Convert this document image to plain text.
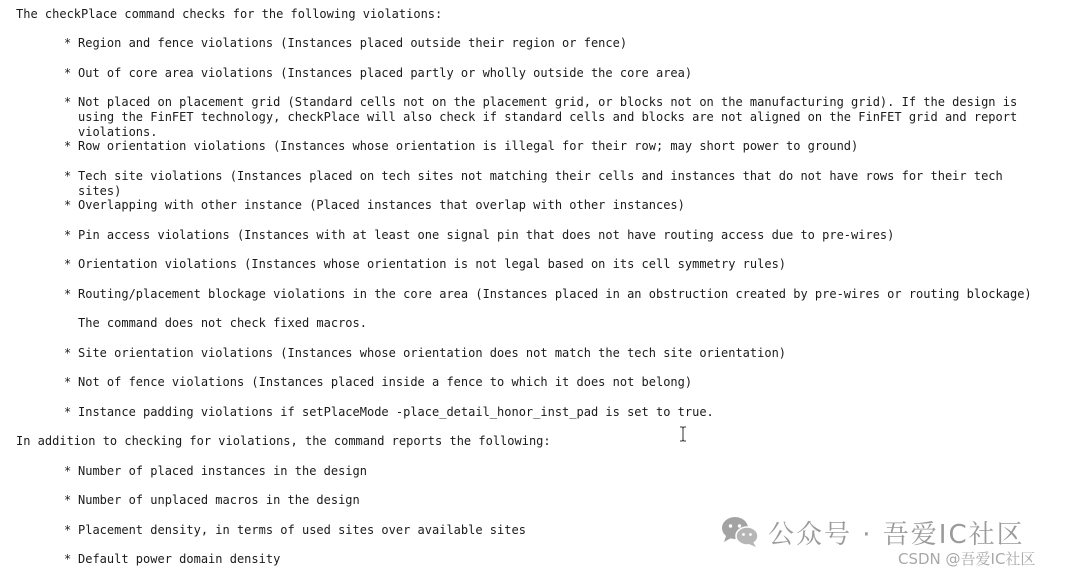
The checkPlace command checks for the following violations:
* Region and fence violations (Instances placed outside their region or fence)
* Out of core area violations (Instances placed partly or wholly outside the core area)
* Not placed on placement grid (Standard cells not on the placement grid, or blocks not on the manufacturing grid). If the design is using the FinFET technology, checkPlace will also check if standard cells and blocks are not aligned on the FinFET grid and report violations.
* Row orientation violations (Instances whose orientation is illegal for their row; may short power to ground)
* Tech site violations (Instances placed on tech sites not matching their cells and instances that do not have rows for their tech sites)
* Overlapping with other instance (Placed instances that overlap with other instances)
* Pin access violations (Instances with at least one signal pin that does not have routing access due to pre-wires)
* Orientation violations (Instances whose orientation is not legal based on its cell symmetry rules)
* Routing/placement blockage violations in the core area (Instances placed in an obstruction created by pre-wires or routing blockage)
The command does not check fixed macros.
* Site orientation violations (Instances whose orientation does not match the tech site orientation)
* Not of fence violations (Instances placed inside a fence to which it does not belong)
* Instance padding violations if setPlaceMode -place_detail_honor_inst_pad is set to true.
In addition to checking for violations, the command reports the following:
* Number of placed instances in the design
* Number of unplaced macros in the design
* Placement density, in terms of used sites over available sites
* Default power domain density
公众号 · 吾爱IC社区
CSDN @吾爱IC社区
